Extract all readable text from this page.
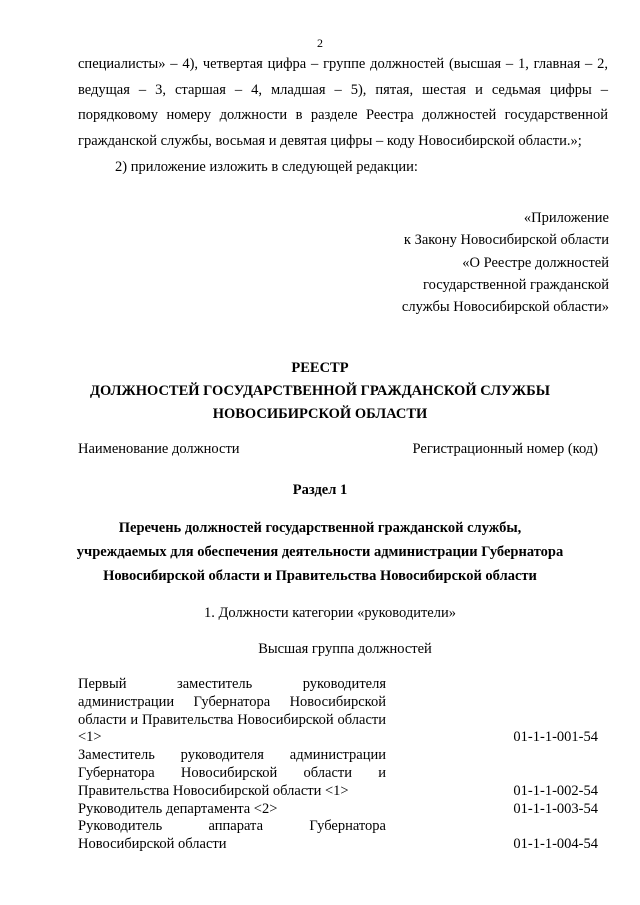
2
специалисты» – 4), четвертая цифра – группе должностей (высшая – 1, главная – 2, ведущая – 3, старшая – 4, младшая – 5), пятая, шестая и седьмая цифры – порядковому номеру должности в разделе Реестра должностей государственной гражданской службы, восьмая и девятая цифры – коду Новосибирской области.»;
2) приложение изложить в следующей редакции:
«Приложение
к Закону Новосибирской области
«О Реестре должностей
государственной гражданской
службы Новосибирской области»
РЕЕСТР
ДОЛЖНОСТЕЙ ГОСУДАРСТВЕННОЙ ГРАЖДАНСКОЙ СЛУЖБЫ
НОВОСИБИРСКОЙ ОБЛАСТИ
Наименование должности	Регистрационный номер (код)
Раздел 1
Перечень должностей государственной гражданской службы,
учреждаемых для обеспечения деятельности администрации Губернатора
Новосибирской области и Правительства Новосибирской области
1. Должности категории «руководители»
Высшая группа должностей
Первый заместитель руководителя администрации Губернатора Новосибирской области и Правительства Новосибирской области <1>	01-1-1-001-54
Заместитель руководителя администрации Губернатора Новосибирской области и Правительства Новосибирской области <1>	01-1-1-002-54
Руководитель департамента <2>	01-1-1-003-54
Руководитель аппарата Губернатора Новосибирской области	01-1-1-004-54
